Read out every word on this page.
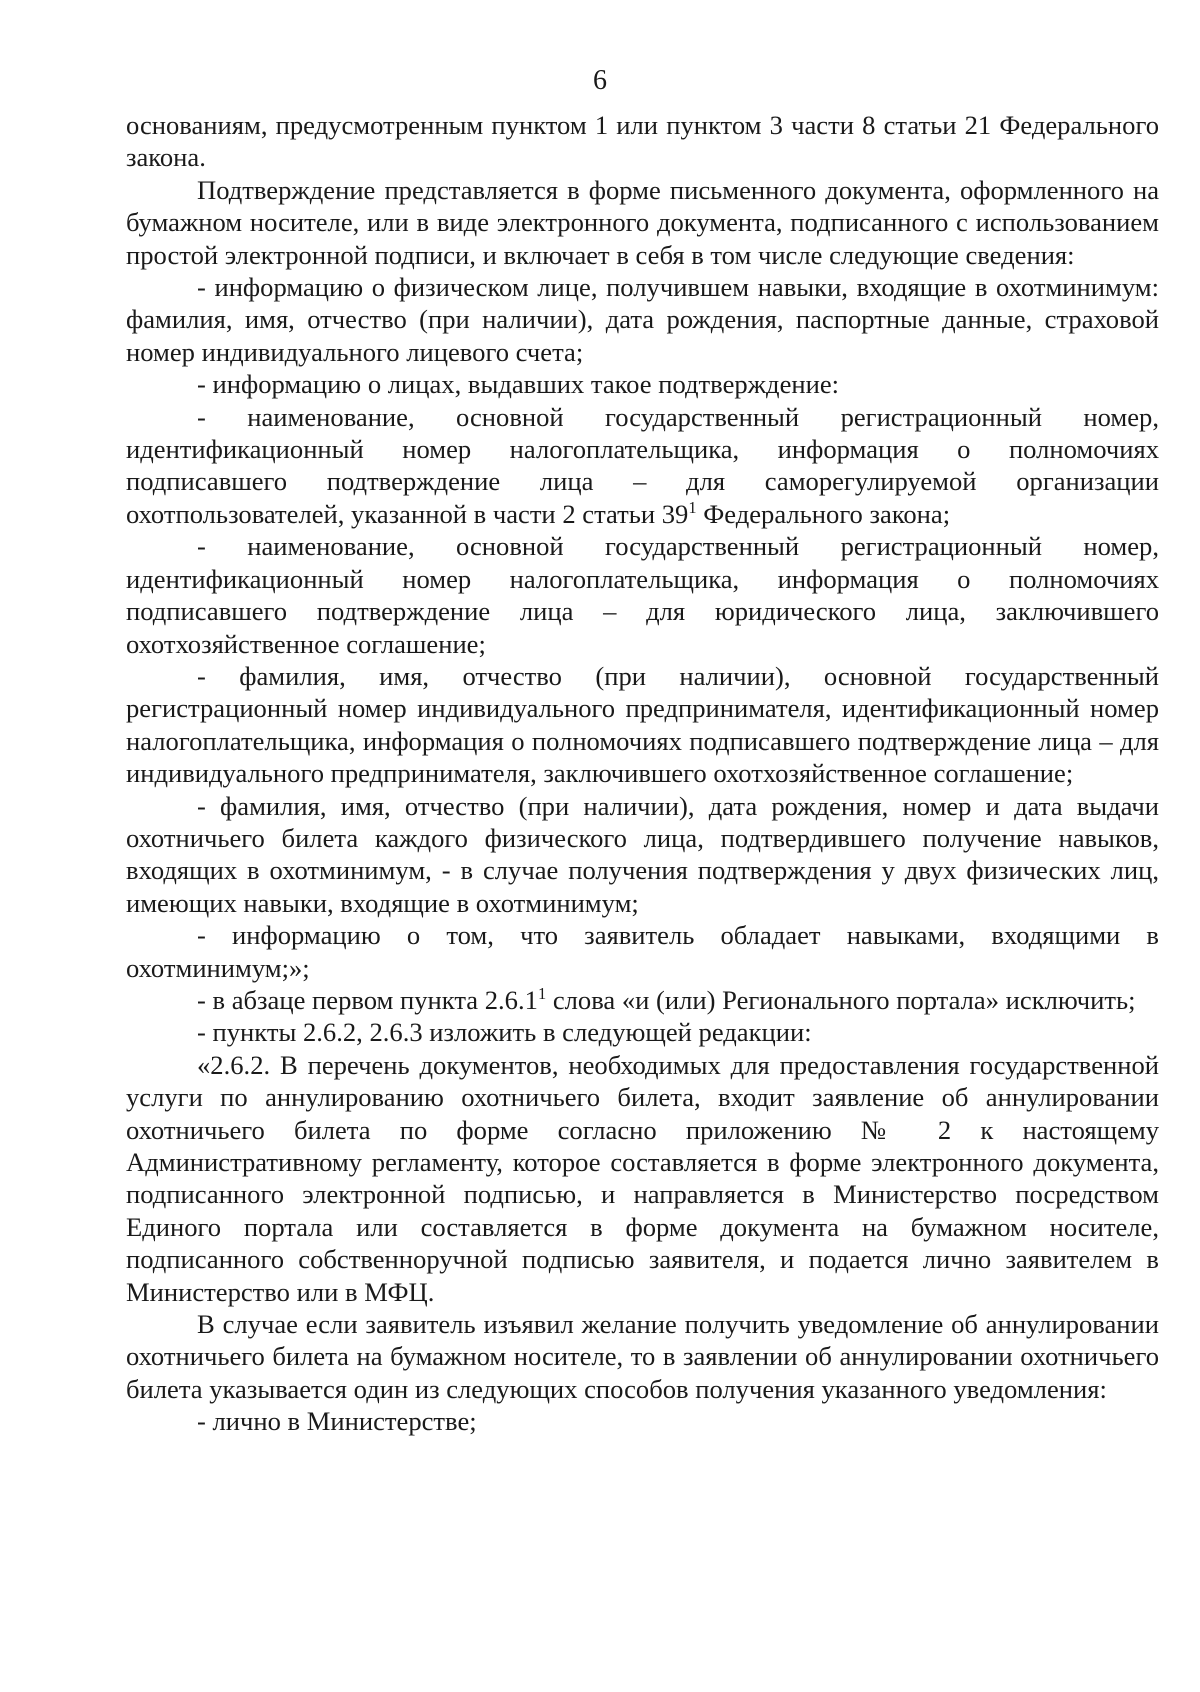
6

основаниям, предусмотренным пунктом 1 или пунктом 3 части 8 статьи 21 Федерального закона.

Подтверждение представляется в форме письменного документа, оформленного на бумажном носителе, или в виде электронного документа, подписанного с использованием простой электронной подписи, и включает в себя в том числе следующие сведения:

- информацию о физическом лице, получившем навыки, входящие в охотминимум: фамилия, имя, отчество (при наличии), дата рождения, паспортные данные, страховой номер индивидуального лицевого счета;

- информацию о лицах, выдавших такое подтверждение:

- наименование, основной государственный регистрационный номер, идентификационный номер налогоплательщика, информация о полномочиях подписавшего подтверждение лица – для саморегулируемой организации охотпользователей, указанной в части 2 статьи $39^1$ Федерального закона;

- наименование, основной государственный регистрационный номер, идентификационный номер налогоплательщика, информация о полномочиях подписавшего подтверждение лица – для юридического лица, заключившего охотхозяйственное соглашение;

- фамилия, имя, отчество (при наличии), основной государственный регистрационный номер индивидуального предпринимателя, идентификационный номер налогоплательщика, информация о полномочиях подписавшего подтверждение лица – для индивидуального предпринимателя, заключившего охотхозяйственное соглашение;

- фамилия, имя, отчество (при наличии), дата рождения, номер и дата выдачи охотничьего билета каждого физического лица, подтвердившего получение навыков, входящих в охотминимум, - в случае получения подтверждения у двух физических лиц, имеющих навыки, входящие в охотминимум;

- информацию о том, что заявитель обладает навыками, входящими в охотминимум;»;

- в абзаце первом пункта 2.6.1$^1$ слова «и (или) Регионального портала» исключить;

- пункты 2.6.2, 2.6.3 изложить в следующей редакции:

«2.6.2. В перечень документов, необходимых для предоставления государственной услуги по аннулированию охотничьего билета, входит заявление об аннулировании охотничьего билета по форме согласно приложению № 2 к настоящему Административному регламенту, которое составляется в форме электронного документа, подписанного электронной подписью, и направляется в Министерство посредством Единого портала или составляется в форме документа на бумажном носителе, подписанного собственноручной подписью заявителя, и подается лично заявителем в Министерство или в МФЦ.

В случае если заявитель изъявил желание получить уведомление об аннулировании охотничьего билета на бумажном носителе, то в заявлении об аннулировании охотничьего билета указывается один из следующих способов получения указанного уведомления:

- лично в Министерстве;
